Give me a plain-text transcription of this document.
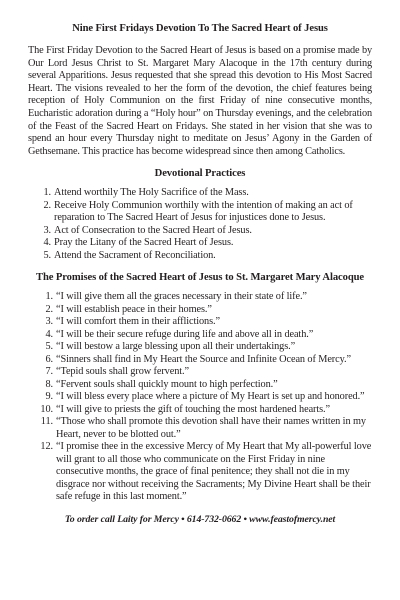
Nine First Fridays Devotion To The Sacred Heart of Jesus

The First Friday Devotion to the Sacred Heart of Jesus is based on a promise made by Our Lord Jesus Christ to St. Margaret Mary Alacoque in the 17th century during several Apparitions. Jesus requested that she spread this devotion to His Most Sacred Heart. The visions revealed to her the form of the devotion, the chief features being reception of Holy Communion on the first Friday of nine consecutive months, Eucharistic adoration during a “Holy hour” on Thursday evenings, and the celebration of the Feast of the Sacred Heart on Fridays. She stated in her vision that she was to spend an hour every Thursday night to meditate on Jesus’ Agony in the Garden of Gethsemane. This practice has become widespread since then among Catholics.

Devotional Practices
1. Attend worthily The Holy Sacrifice of the Mass.
2. Receive Holy Communion worthily with the intention of making an act of reparation to The Sacred Heart of Jesus for injustices done to Jesus.
3. Act of Consecration to the Sacred Heart of Jesus.
4. Pray the Litany of the Sacred Heart of Jesus.
5. Attend the Sacrament of Reconciliation.
The Promises of the Sacred Heart of Jesus to St. Margaret Mary Alacoque
1. “I will give them all the graces necessary in their state of life.”
2. “I will establish peace in their homes.”
3. “I will comfort them in their afflictions.”
4. “I will be their secure refuge during life and above all in death.”
5. “I will bestow a large blessing upon all their undertakings.”
6. “Sinners shall find in My Heart the Source and Infinite Ocean of Mercy.”
7. “Tepid souls shall grow fervent.”
8. “Fervent souls shall quickly mount to high perfection.”
9. “I will bless every place where a picture of My Heart is set up and honored.”
10. “I will give to priests the gift of touching the most hardened hearts.”
11. “Those who shall promote this devotion shall have their names written in my Heart, never to be blotted out.”
12. “I promise thee in the excessive Mercy of My Heart that My all-powerful love will grant to all those who communicate on the First Friday in nine consecutive months, the grace of final penitence; they shall not die in my disgrace nor without receiving the Sacraments; My Divine Heart shall be their safe refuge in this last moment.”
To order call Laity for Mercy • 614-732-0662 • www.feastofmercy.net
